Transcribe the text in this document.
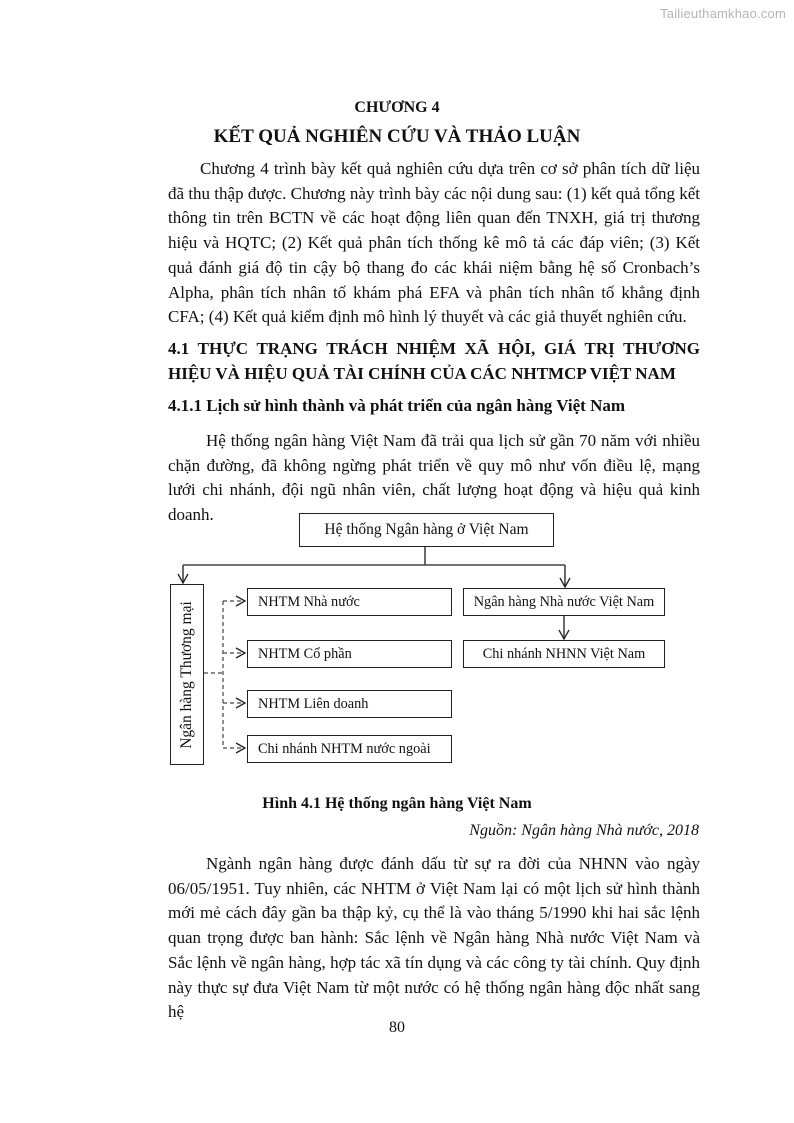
Tailieuthamkhao.com
CHƯƠNG 4
KẾT QUẢ NGHIÊN CỨU VÀ THẢO LUẬN

Chương 4 trình bày kết quả nghiên cứu dựa trên cơ sở phân tích dữ liệu đã thu thập được. Chương này trình bày các nội dung sau: (1) kết quả tổng kết thông tin trên BCTN về các hoạt động liên quan đến TNXH, giá trị thương hiệu và HQTC; (2) Kết quả phân tích thống kê mô tả các đáp viên; (3) Kết quả đánh giá độ tin cậy bộ thang đo các khái niệm bằng hệ số Cronbach’s Alpha, phân tích nhân tố khám phá EFA và phân tích nhân tố khẳng định CFA; (4) Kết quả kiểm định mô hình lý thuyết và các giả thuyết nghiên cứu.

4.1 THỰC TRẠNG TRÁCH NHIỆM XÃ HỘI, GIÁ TRỊ THƯƠNG
HIỆU VÀ HIỆU QUẢ TÀI CHÍNH CỦA CÁC NHTMCP VIỆT NAM
4.1.1 Lịch sử hình thành và phát triển của ngân hàng Việt Nam

Hệ thống ngân hàng Việt Nam đã trải qua lịch sử gần 70 năm với nhiều chặn đường, đã không ngừng phát triển về quy mô như vốn điều lệ, mạng lưới chi nhánh, đội ngũ nhân viên, chất lượng hoạt động và hiệu quả kinh doanh.

Hệ thống Ngân hàng ở Việt Nam
Ngân hàng Thương mại	NHTM Nhà nước
NHTM Cổ phần
NHTM Liên doanh
Chi nhánh NHTM nước ngoài
Ngân hàng Nhà nước Việt Nam
Chi nhánh NHNN Việt Nam
Hình 4.1 Hệ thống ngân hàng Việt Nam
Nguồn: Ngân hàng Nhà nước, 2018

Ngành ngân hàng được đánh dấu từ sự ra đời của NHNN vào ngày 06/05/1951. Tuy nhiên, các NHTM ở Việt Nam lại có một lịch sử hình thành mới mẻ cách đây gần ba thập kỷ, cụ thể là vào tháng 5/1990 khi hai sắc lệnh quan trọng được ban hành: Sắc lệnh về Ngân hàng Nhà nước Việt Nam và Sắc lệnh về ngân hàng, hợp tác xã tín dụng và các công ty tài chính. Quy định này thực sự đưa Việt Nam từ một nước có hệ thống ngân hàng độc nhất sang hệ

80
